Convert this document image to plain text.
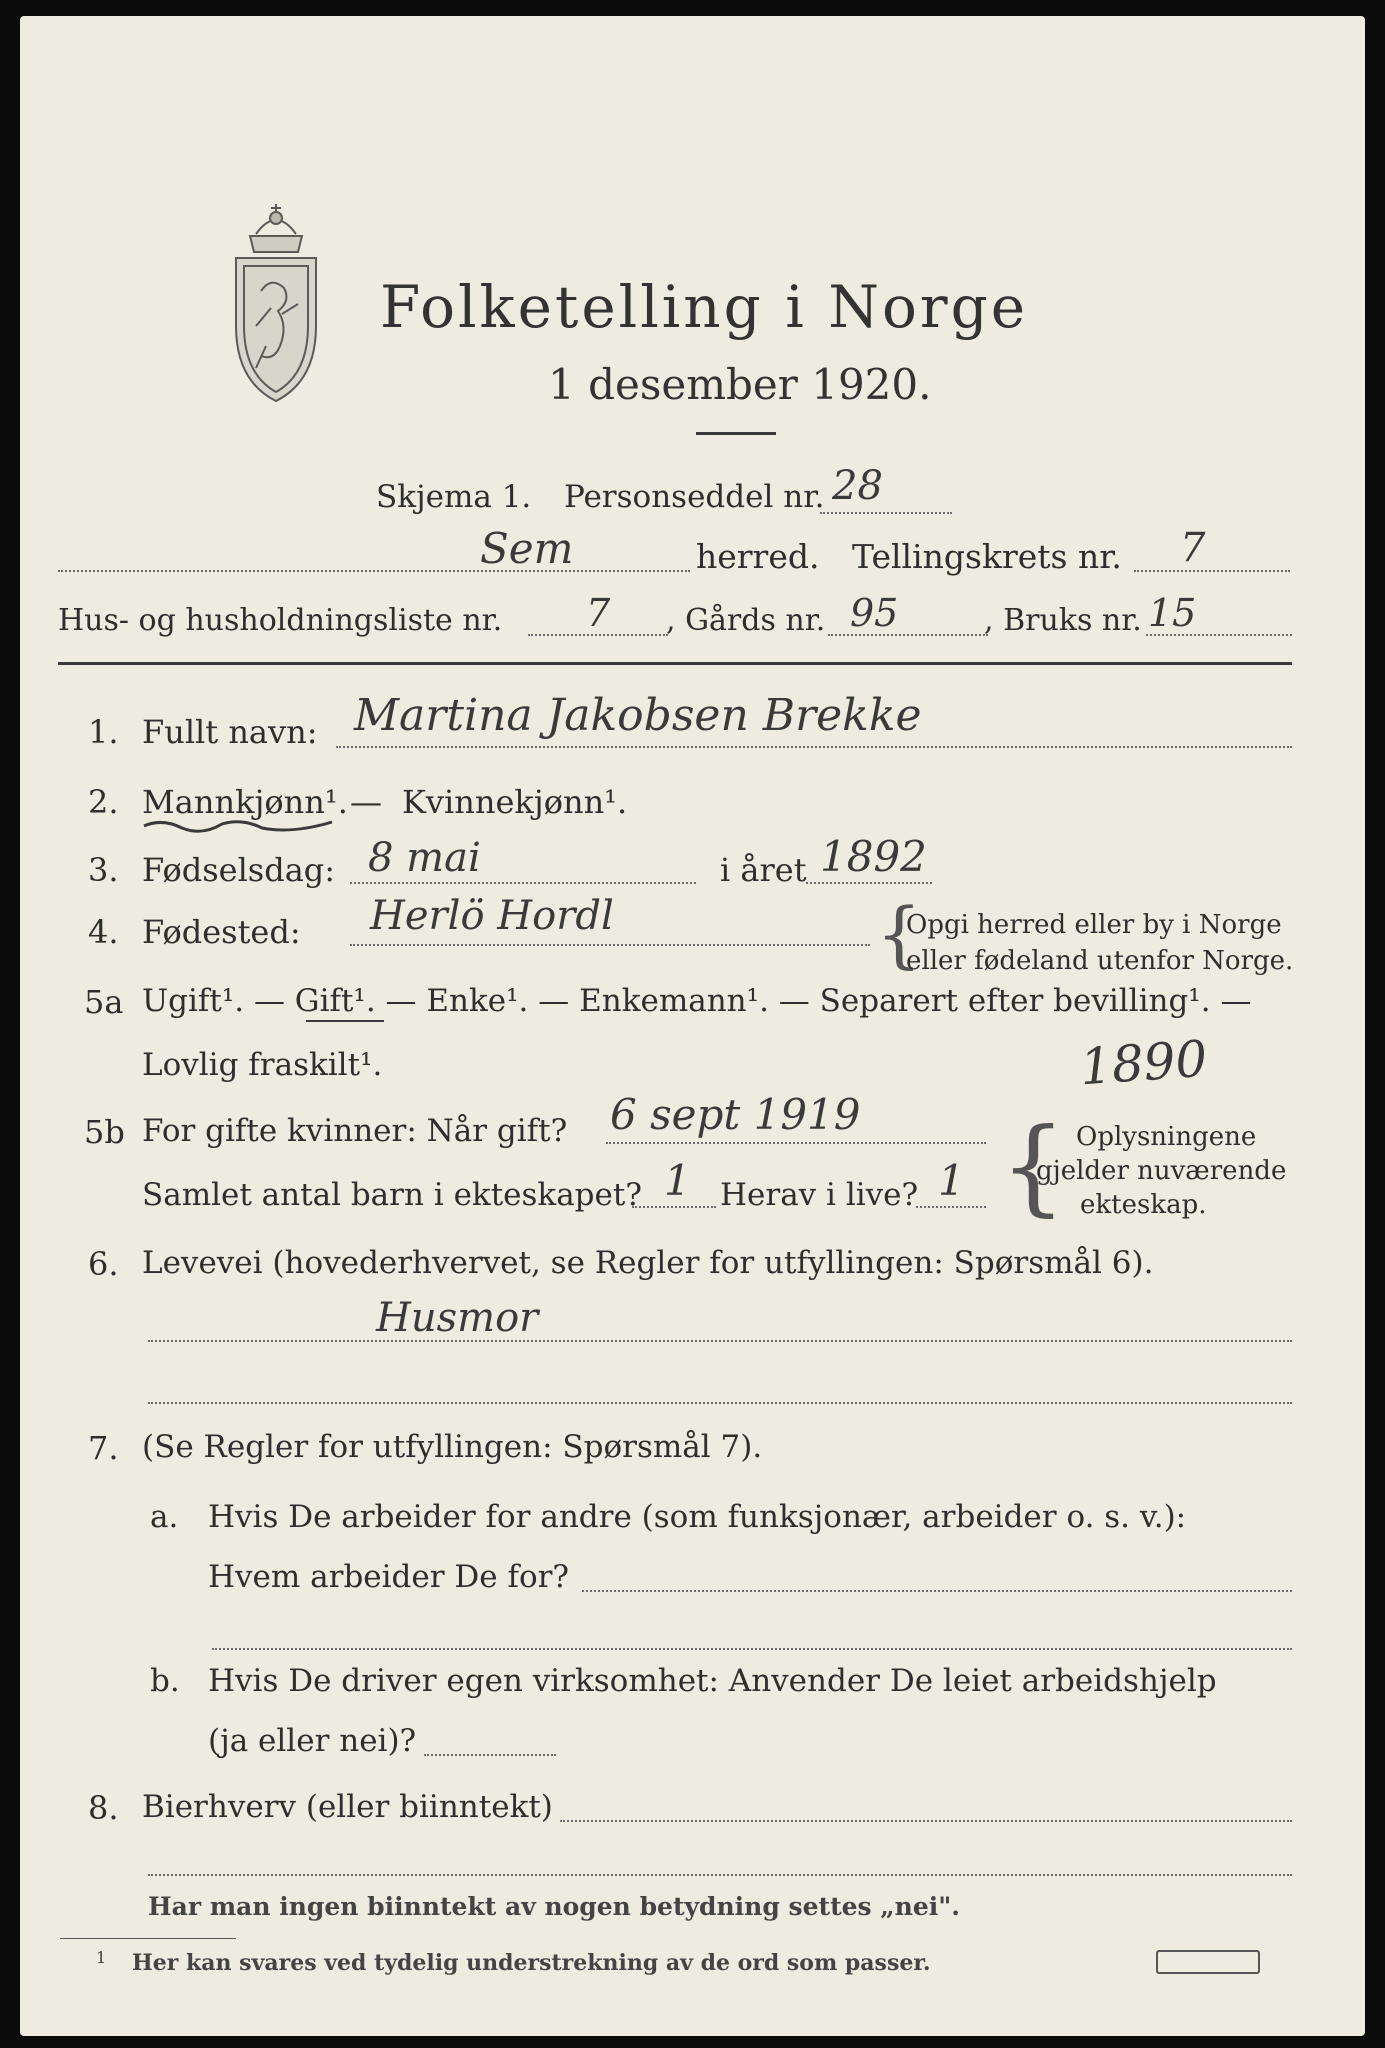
Folketelling i Norge
1 desember 1920.
Skjema 1. Personseddel nr. 28
Sem	herred. Tellingskrets nr. 7
Hus- og husholdningsliste nr. 7 , Gårds nr. 95	, Bruks nr. 15
1. Fullt navn: Martina Jakobsen Brekke
2. Mannkjønn¹. — Kvinnekjønn¹.
3. Fødselsdag: 8 mai	i året 1892
4. Fødested: Herlö Hordl	{
Opgi herred eller by i Norge
eller fødeland utenfor Norge.
5a Ugift¹. — Gift¹. — Enke¹. — Enkemann¹. — Separert efter bevilling¹. —
Lovlig fraskilt¹.	1890
5b For gifte kvinner: Når gift? 6 sept 1919
Samlet antal barn i ekteskapet? 1 Herav i live? 1 { Oplysningene
gjelder nuværende
ekteskap.
6. Levevei (hovederhvervet, se Regler for utfyllingen: Spørsmål 6).
Husmor
7. (Se Regler for utfyllingen: Spørsmål 7).
a. Hvis De arbeider for andre (som funksjonær, arbeider o. s. v.):
Hvem arbeider De for?
b. Hvis De driver egen virksomhet: Anvender De leiet arbeidshjelp
(ja eller nei)?
8. Bierhverv (eller biinntekt)
Har man ingen biinntekt av nogen betydning settes „nei".
1 Her kan svares ved tydelig understrekning av de ord som passer.
